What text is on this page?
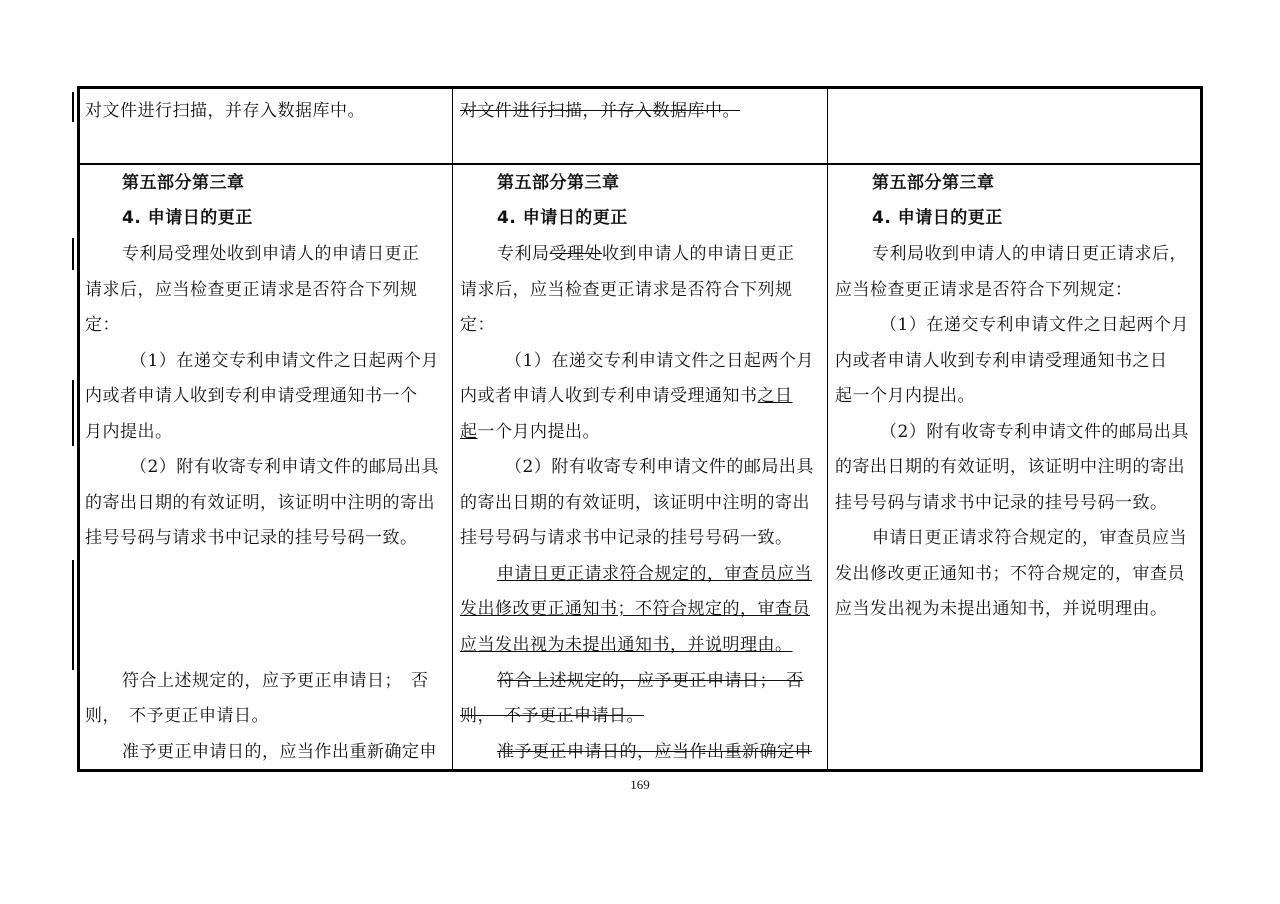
对文件进行扫描，并存入数据库中。	对文件进行扫描，并存入数据库中。
第五部分第三章
4. 申请日的更正
专利局受理处收到申请人的申请日更正
请求后，应当检查更正请求是否符合下列规
定：
（1）在递交专利申请文件之日起两个月
内或者申请人收到专利申请受理通知书一个
月内提出。
（2）附有收寄专利申请文件的邮局出具
的寄出日期的有效证明，该证明中注明的寄出
挂号号码与请求书中记录的挂号号码一致。
符合上述规定的，应予更正申请日；　否
则，　不予更正申请日。
准予更正申请日的，应当作出重新确定申
第五部分第三章
4. 申请日的更正
专利局受理处收到申请人的申请日更正
请求后，应当检查更正请求是否符合下列规
定：
（1）在递交专利申请文件之日起两个月
内或者申请人收到专利申请受理通知书之日
起一个月内提出。
（2）附有收寄专利申请文件的邮局出具
的寄出日期的有效证明，该证明中注明的寄出
挂号号码与请求书中记录的挂号号码一致。
申请日更正请求符合规定的，审查员应当
发出修改更正通知书；不符合规定的，审查员
应当发出视为未提出通知书，并说明理由。
符合上述规定的，应予更正申请日；　否
则，　不予更正申请日。
准予更正申请日的，应当作出重新确定申
第五部分第三章
4. 申请日的更正
专利局收到申请人的申请日更正请求后，
应当检查更正请求是否符合下列规定：
（1）在递交专利申请文件之日起两个月
内或者申请人收到专利申请受理通知书之日
起一个月内提出。
（2）附有收寄专利申请文件的邮局出具
的寄出日期的有效证明，该证明中注明的寄出
挂号号码与请求书中记录的挂号号码一致。
申请日更正请求符合规定的，审查员应当
发出修改更正通知书；不符合规定的，审查员
应当发出视为未提出通知书，并说明理由。
169
